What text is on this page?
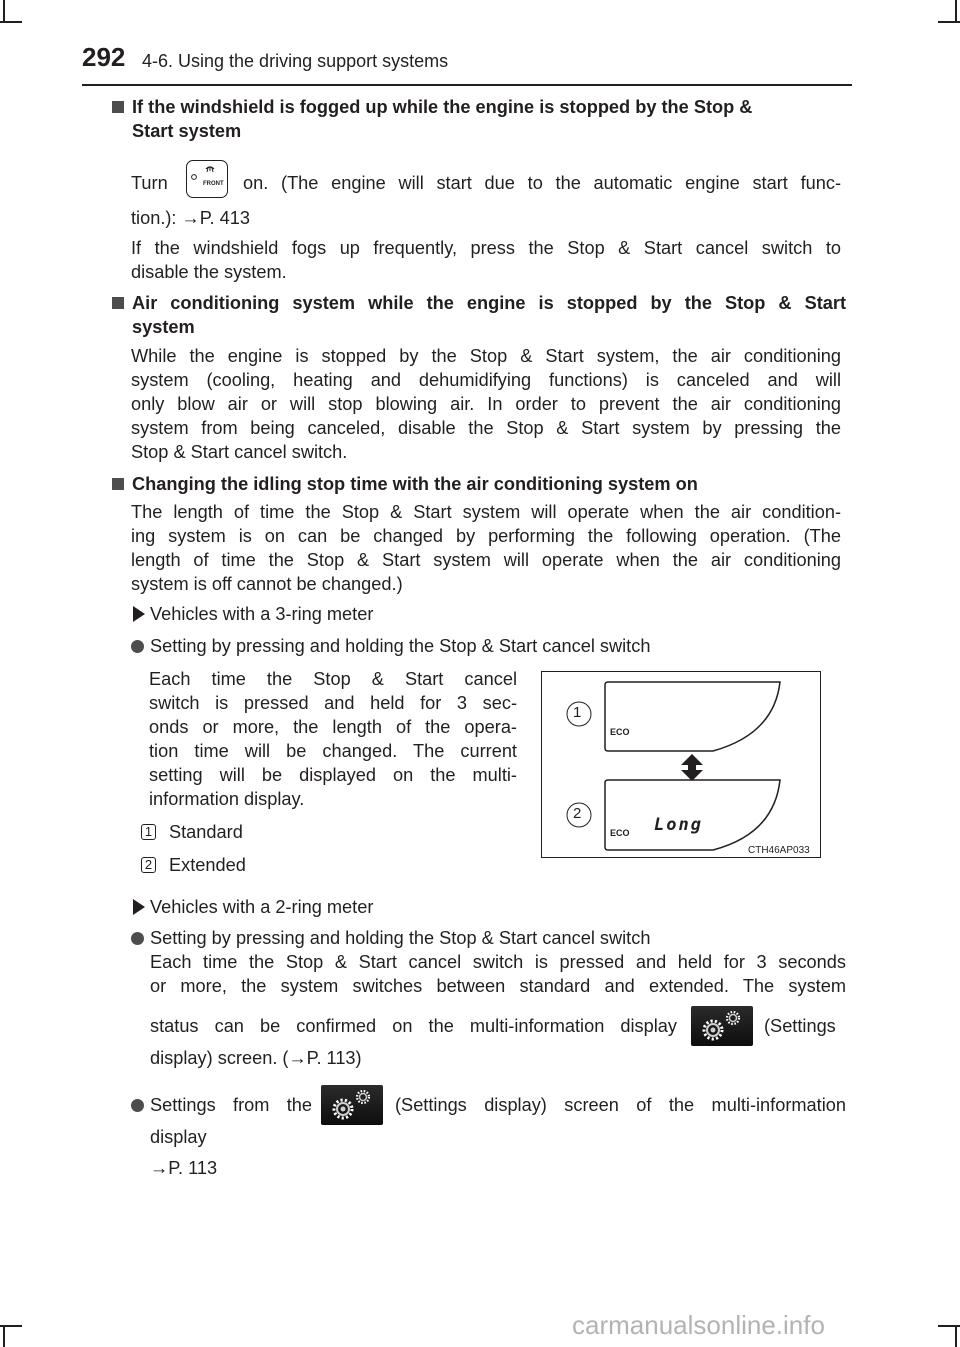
292 4-6. Using the driving support systems
If the windshield is fogged up while the engine is stopped by the Stop &
Start system
Turn	FRONT on. (The engine will start due to the automatic engine start func-
tion.): →P. 413
If the windshield fogs up frequently, press the Stop & Start cancel switch to
disable the system.
Air conditioning system while the engine is stopped by the Stop & Start
system
While the engine is stopped by the Stop & Start system, the air conditioning
system (cooling, heating and dehumidifying functions) is canceled and will
only blow air or will stop blowing air. In order to prevent the air conditioning
system from being canceled, disable the Stop & Start system by pressing the
Stop & Start cancel switch.
Changing the idling stop time with the air conditioning system on
The length of time the Stop & Start system will operate when the air condition-
ing system is on can be changed by performing the following operation. (The
length of time the Stop & Start system will operate when the air conditioning
system is off cannot be changed.)
Vehicles with a 3-ring meter
Setting by pressing and holding the Stop & Start cancel switch
Each time the Stop & Start cancel
switch is pressed and held for 3 sec-
onds or more, the length of the opera-
tion time will be changed. The current
setting will be displayed on the multi-
information display.
1 Standard
2 Extended
1
2
ECO
ECO Long
CTH46AP033
Vehicles with a 2-ring meter
Setting by pressing and holding the Stop & Start cancel switch
Each time the Stop & Start cancel switch is pressed and held for 3 seconds
or more, the system switches between standard and extended. The system
status can be confirmed on the multi-information display	(Settings
display) screen. (→P. 113)
Settings from the	(Settings display) screen of the multi-information
display
→P. 113
carmanualsonline.info
